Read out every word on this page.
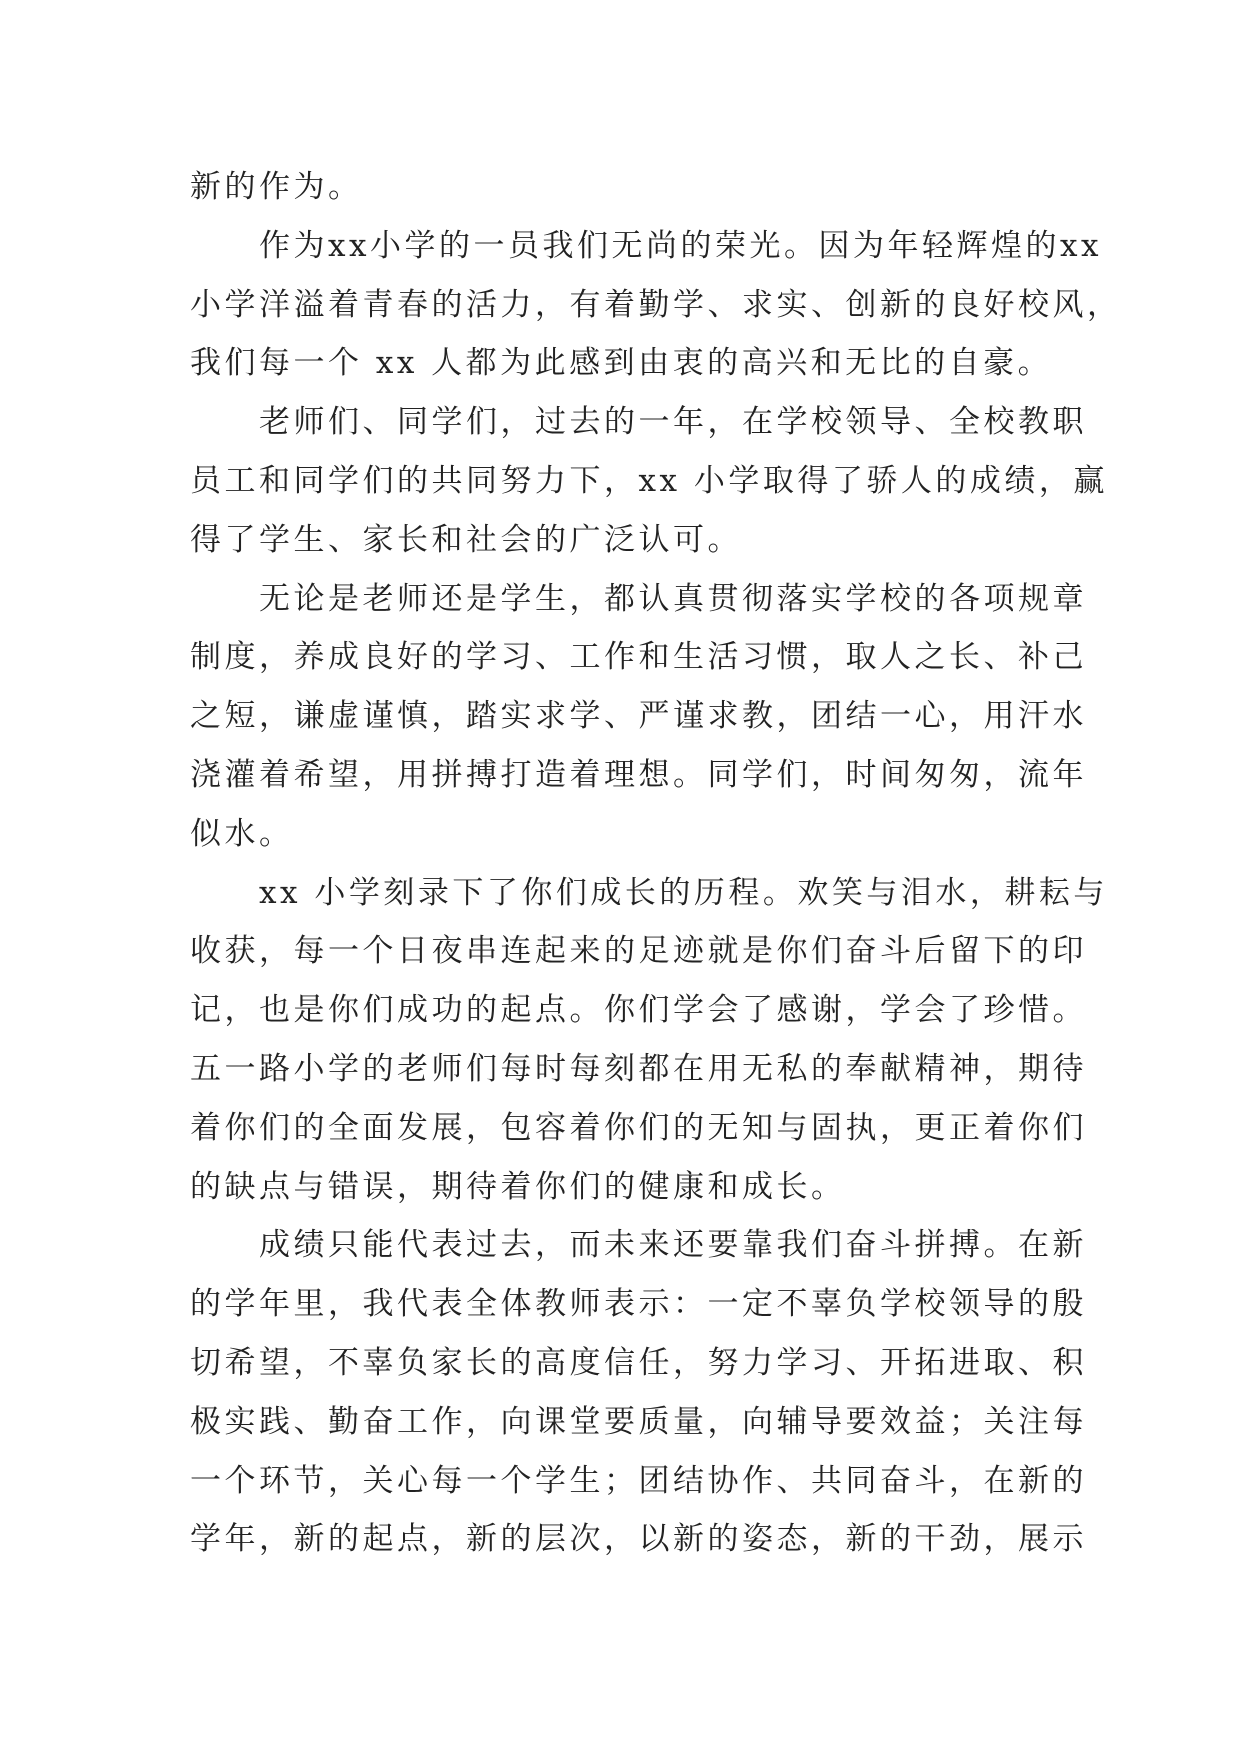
新的作为。
　　作为xx小学的一员我们无尚的荣光。因为年轻辉煌的xx
小学洋溢着青春的活力，有着勤学、求实、创新的良好校风，
我们每一个 xx 人都为此感到由衷的高兴和无比的自豪。
　　老师们、同学们，过去的一年，在学校领导、全校教职
员工和同学们的共同努力下，xx 小学取得了骄人的成绩，赢
得了学生、家长和社会的广泛认可。
　　无论是老师还是学生，都认真贯彻落实学校的各项规章
制度，养成良好的学习、工作和生活习惯，取人之长、补己
之短，谦虚谨慎，踏实求学、严谨求教，团结一心，用汗水
浇灌着希望，用拼搏打造着理想。同学们，时间匆匆，流年
似水。
　　xx 小学刻录下了你们成长的历程。欢笑与泪水，耕耘与
收获，每一个日夜串连起来的足迹就是你们奋斗后留下的印
记，也是你们成功的起点。你们学会了感谢，学会了珍惜。
五一路小学的老师们每时每刻都在用无私的奉献精神，期待
着你们的全面发展，包容着你们的无知与固执，更正着你们
的缺点与错误，期待着你们的健康和成长。
　　成绩只能代表过去，而未来还要靠我们奋斗拼搏。在新
的学年里，我代表全体教师表示：一定不辜负学校领导的殷
切希望，不辜负家长的高度信任，努力学习、开拓进取、积
极实践、勤奋工作，向课堂要质量，向辅导要效益；关注每
一个环节，关心每一个学生；团结协作、共同奋斗，在新的
学年，新的起点，新的层次，以新的姿态，新的干劲，展示
